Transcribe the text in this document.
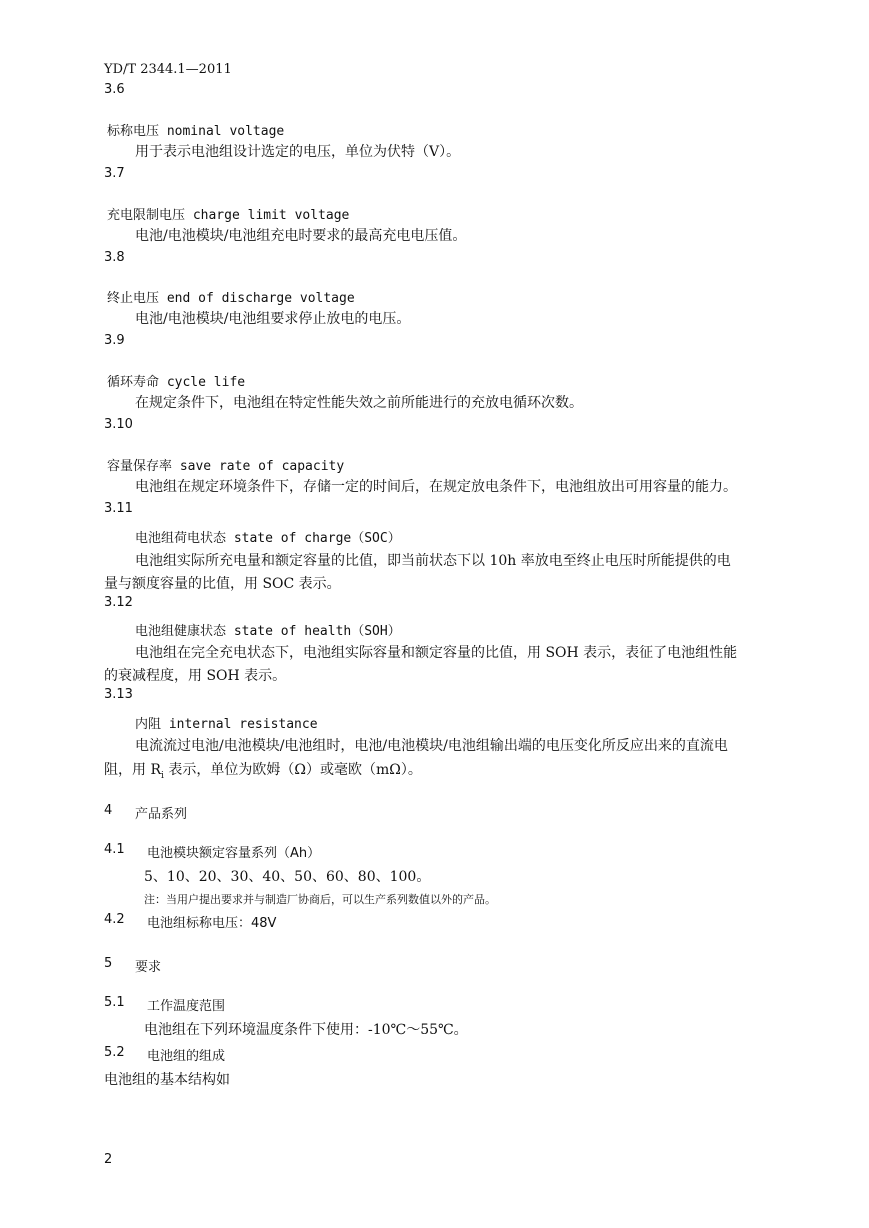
YD/T 2344.1—2011
3.6
标称电压 nominal voltage
用于表示电池组设计选定的电压，单位为伏特（V）。
3.7
充电限制电压 charge limit voltage
电池/电池模块/电池组充电时要求的最高充电电压值。
3.8
终止电压 end of discharge voltage
电池/电池模块/电池组要求停止放电的电压。
3.9
循环寿命 cycle life
在规定条件下，电池组在特定性能失效之前所能进行的充放电循环次数。
3.10
容量保存率 save rate of capacity
电池组在规定环境条件下，存储一定的时间后，在规定放电条件下，电池组放出可用容量的能力。
3.11
电池组荷电状态 state of charge（SOC）
电池组实际所充电量和额定容量的比值，即当前状态下以 10h 率放电至终止电压时所能提供的电
量与额度容量的比值，用 SOC 表示。
3.12
电池组健康状态 state of health（SOH）
电池组在完全充电状态下，电池组实际容量和额定容量的比值，用 SOH 表示，表征了电池组性能
的衰减程度，用 SOH 表示。
3.13
内阻 internal resistance
电流流过电池/电池模块/电池组时，电池/电池模块/电池组输出端的电压变化所反应出来的直流电
阻，用 $R_i$ 表示，单位为欧姆（Ω）或毫欧（mΩ）。
4 产品系列
4.1 电池模块额定容量系列（Ah）
5、10、20、30、40、50、60、80、100。
注：当用户提出要求并与制造厂协商后，可以生产系列数值以外的产品。
4.2 电池组标称电压：48V
5 要求
5.1 工作温度范围
电池组在下列环境温度条件下使用：-10℃～55℃。
5.2 电池组的组成
电池组的基本结构如
2
